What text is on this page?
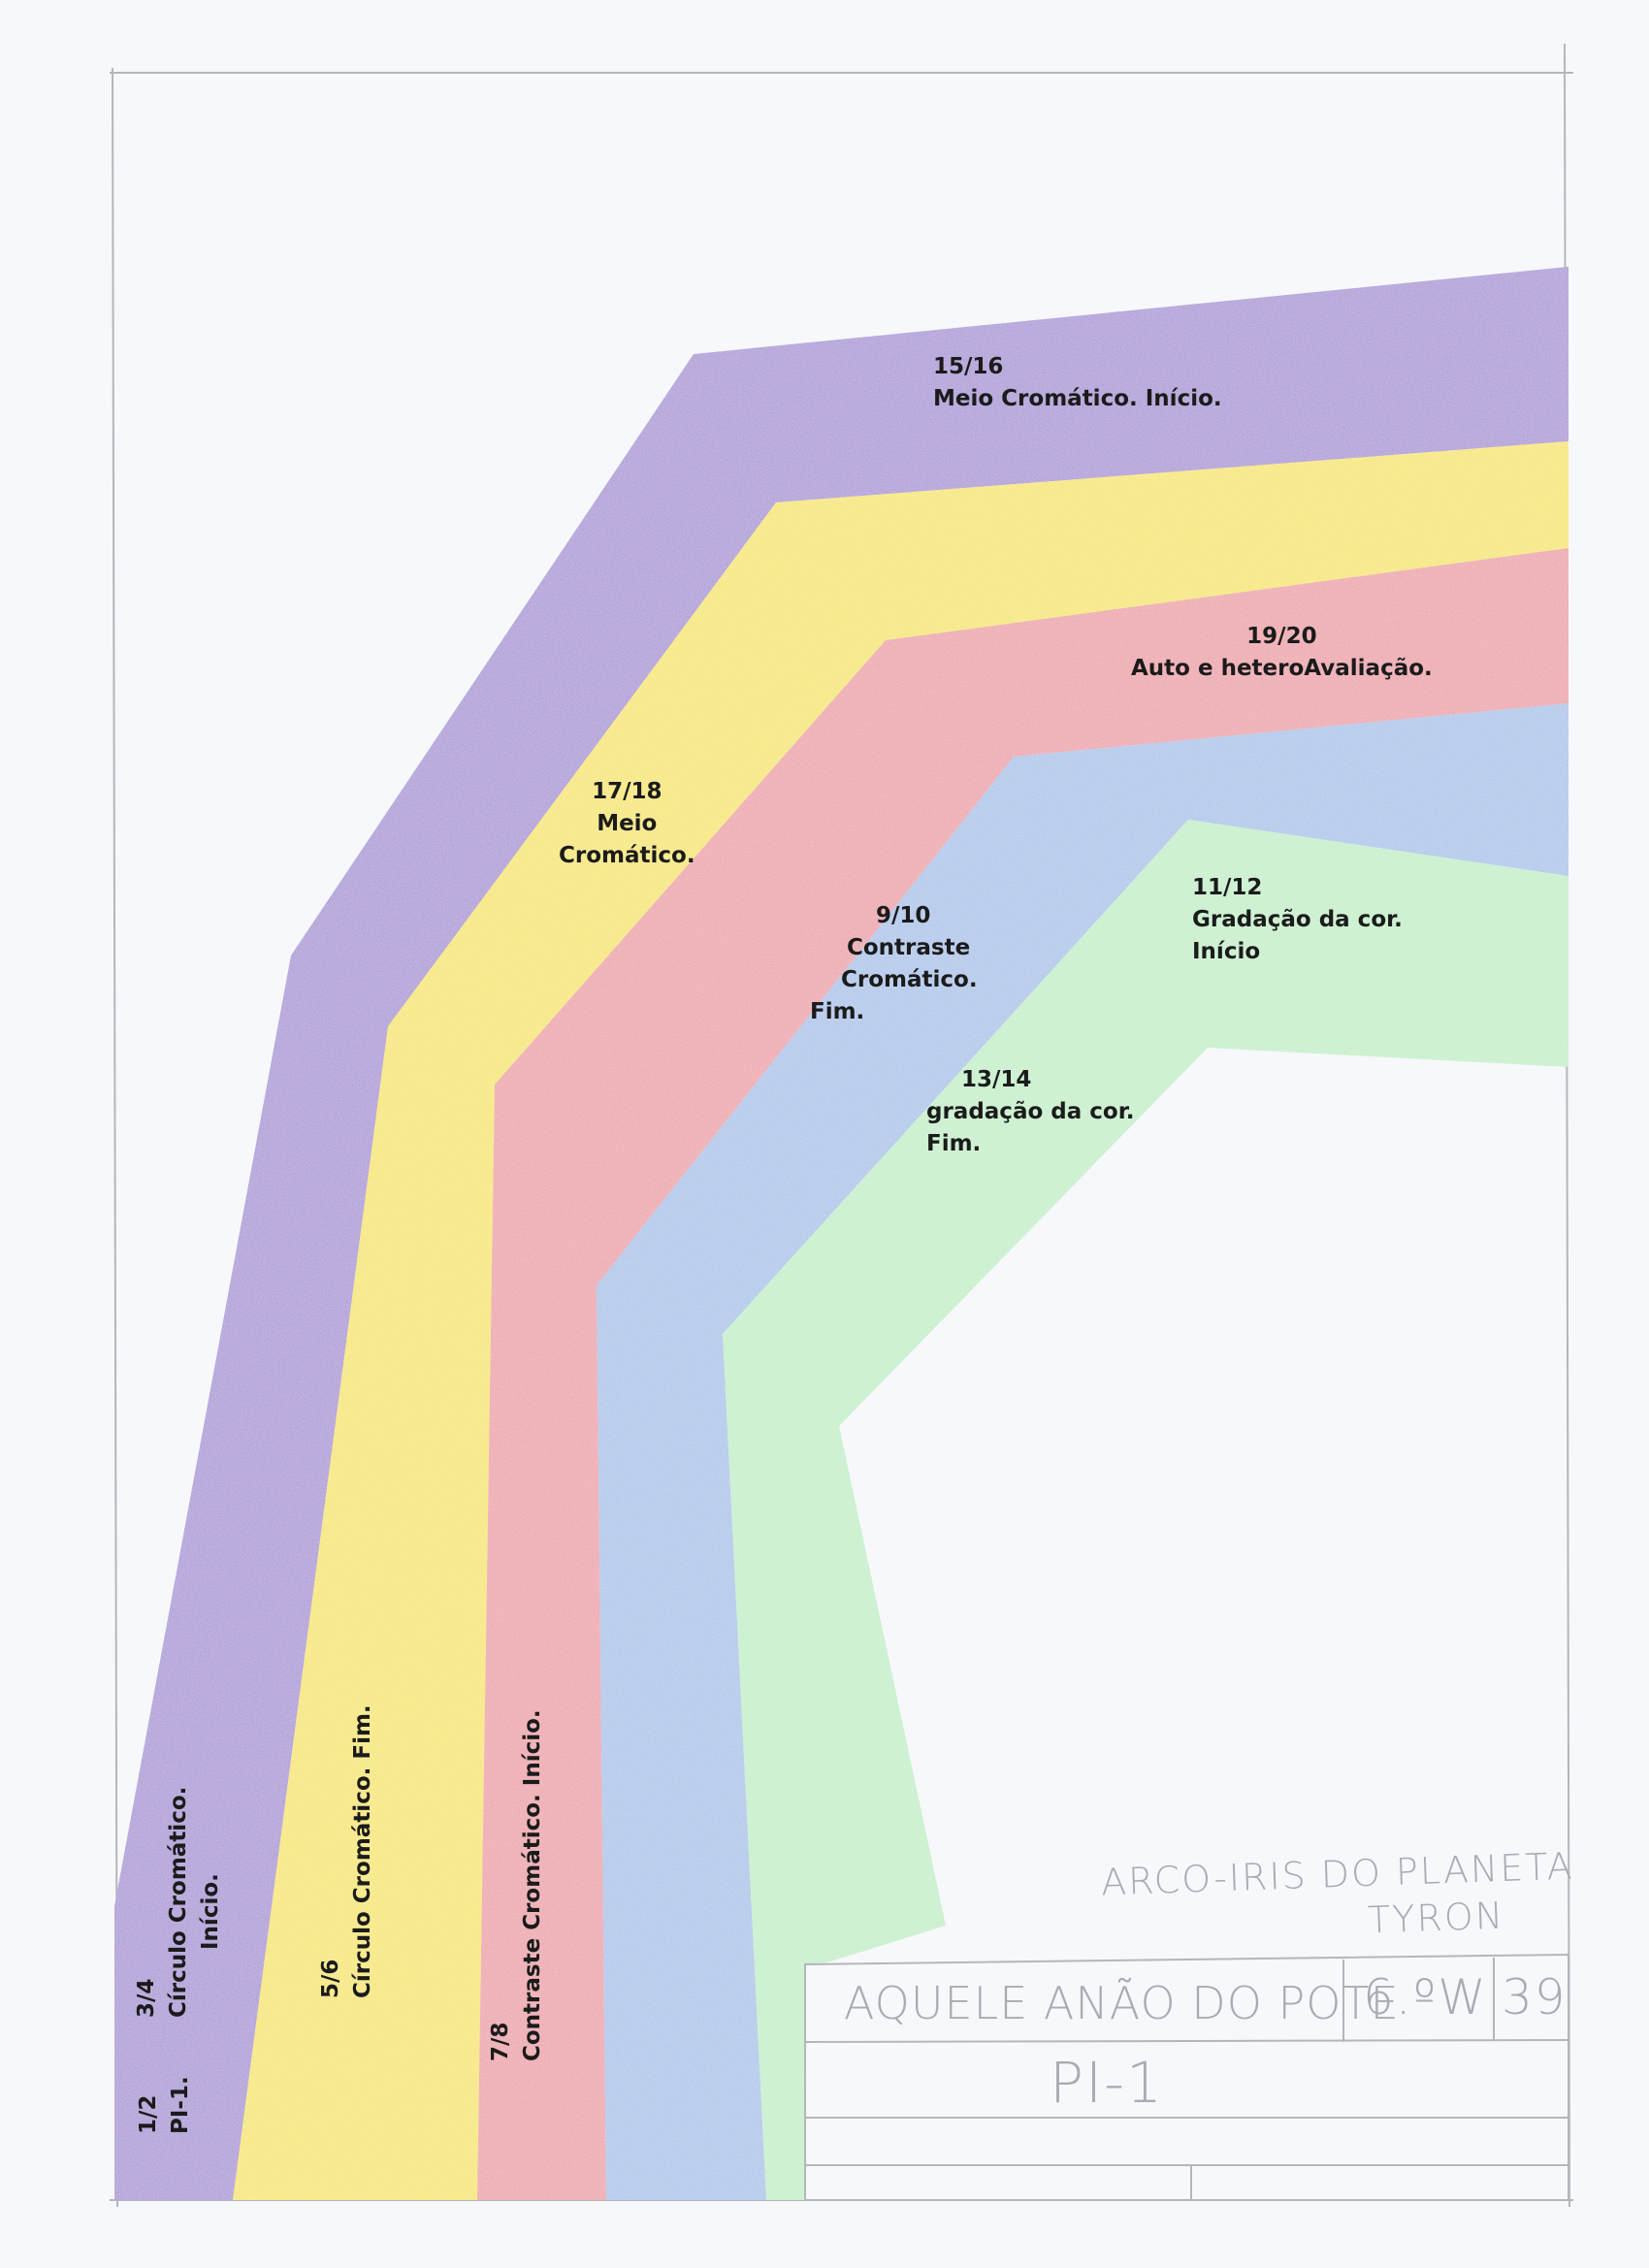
15/16
Meio Cromático. Início.
17/18
Meio
Cromático.
19/20
Auto e heteroAvaliação.
9/10
Contraste
Cromático.
Fim.
11/12
Gradação da cor.
Início
13/14
gradação da cor.
Fim.
3/4 Círculo Cromático. Início.
1/2 PI-1.
5/6 Círculo Cromático. Fim.
7/8 Contraste Cromático. Início.	ARCO-IRIS DO PLANETA
TYRON
AQUELE ANÃO DO POTE
6.ºW 39
PI-1
